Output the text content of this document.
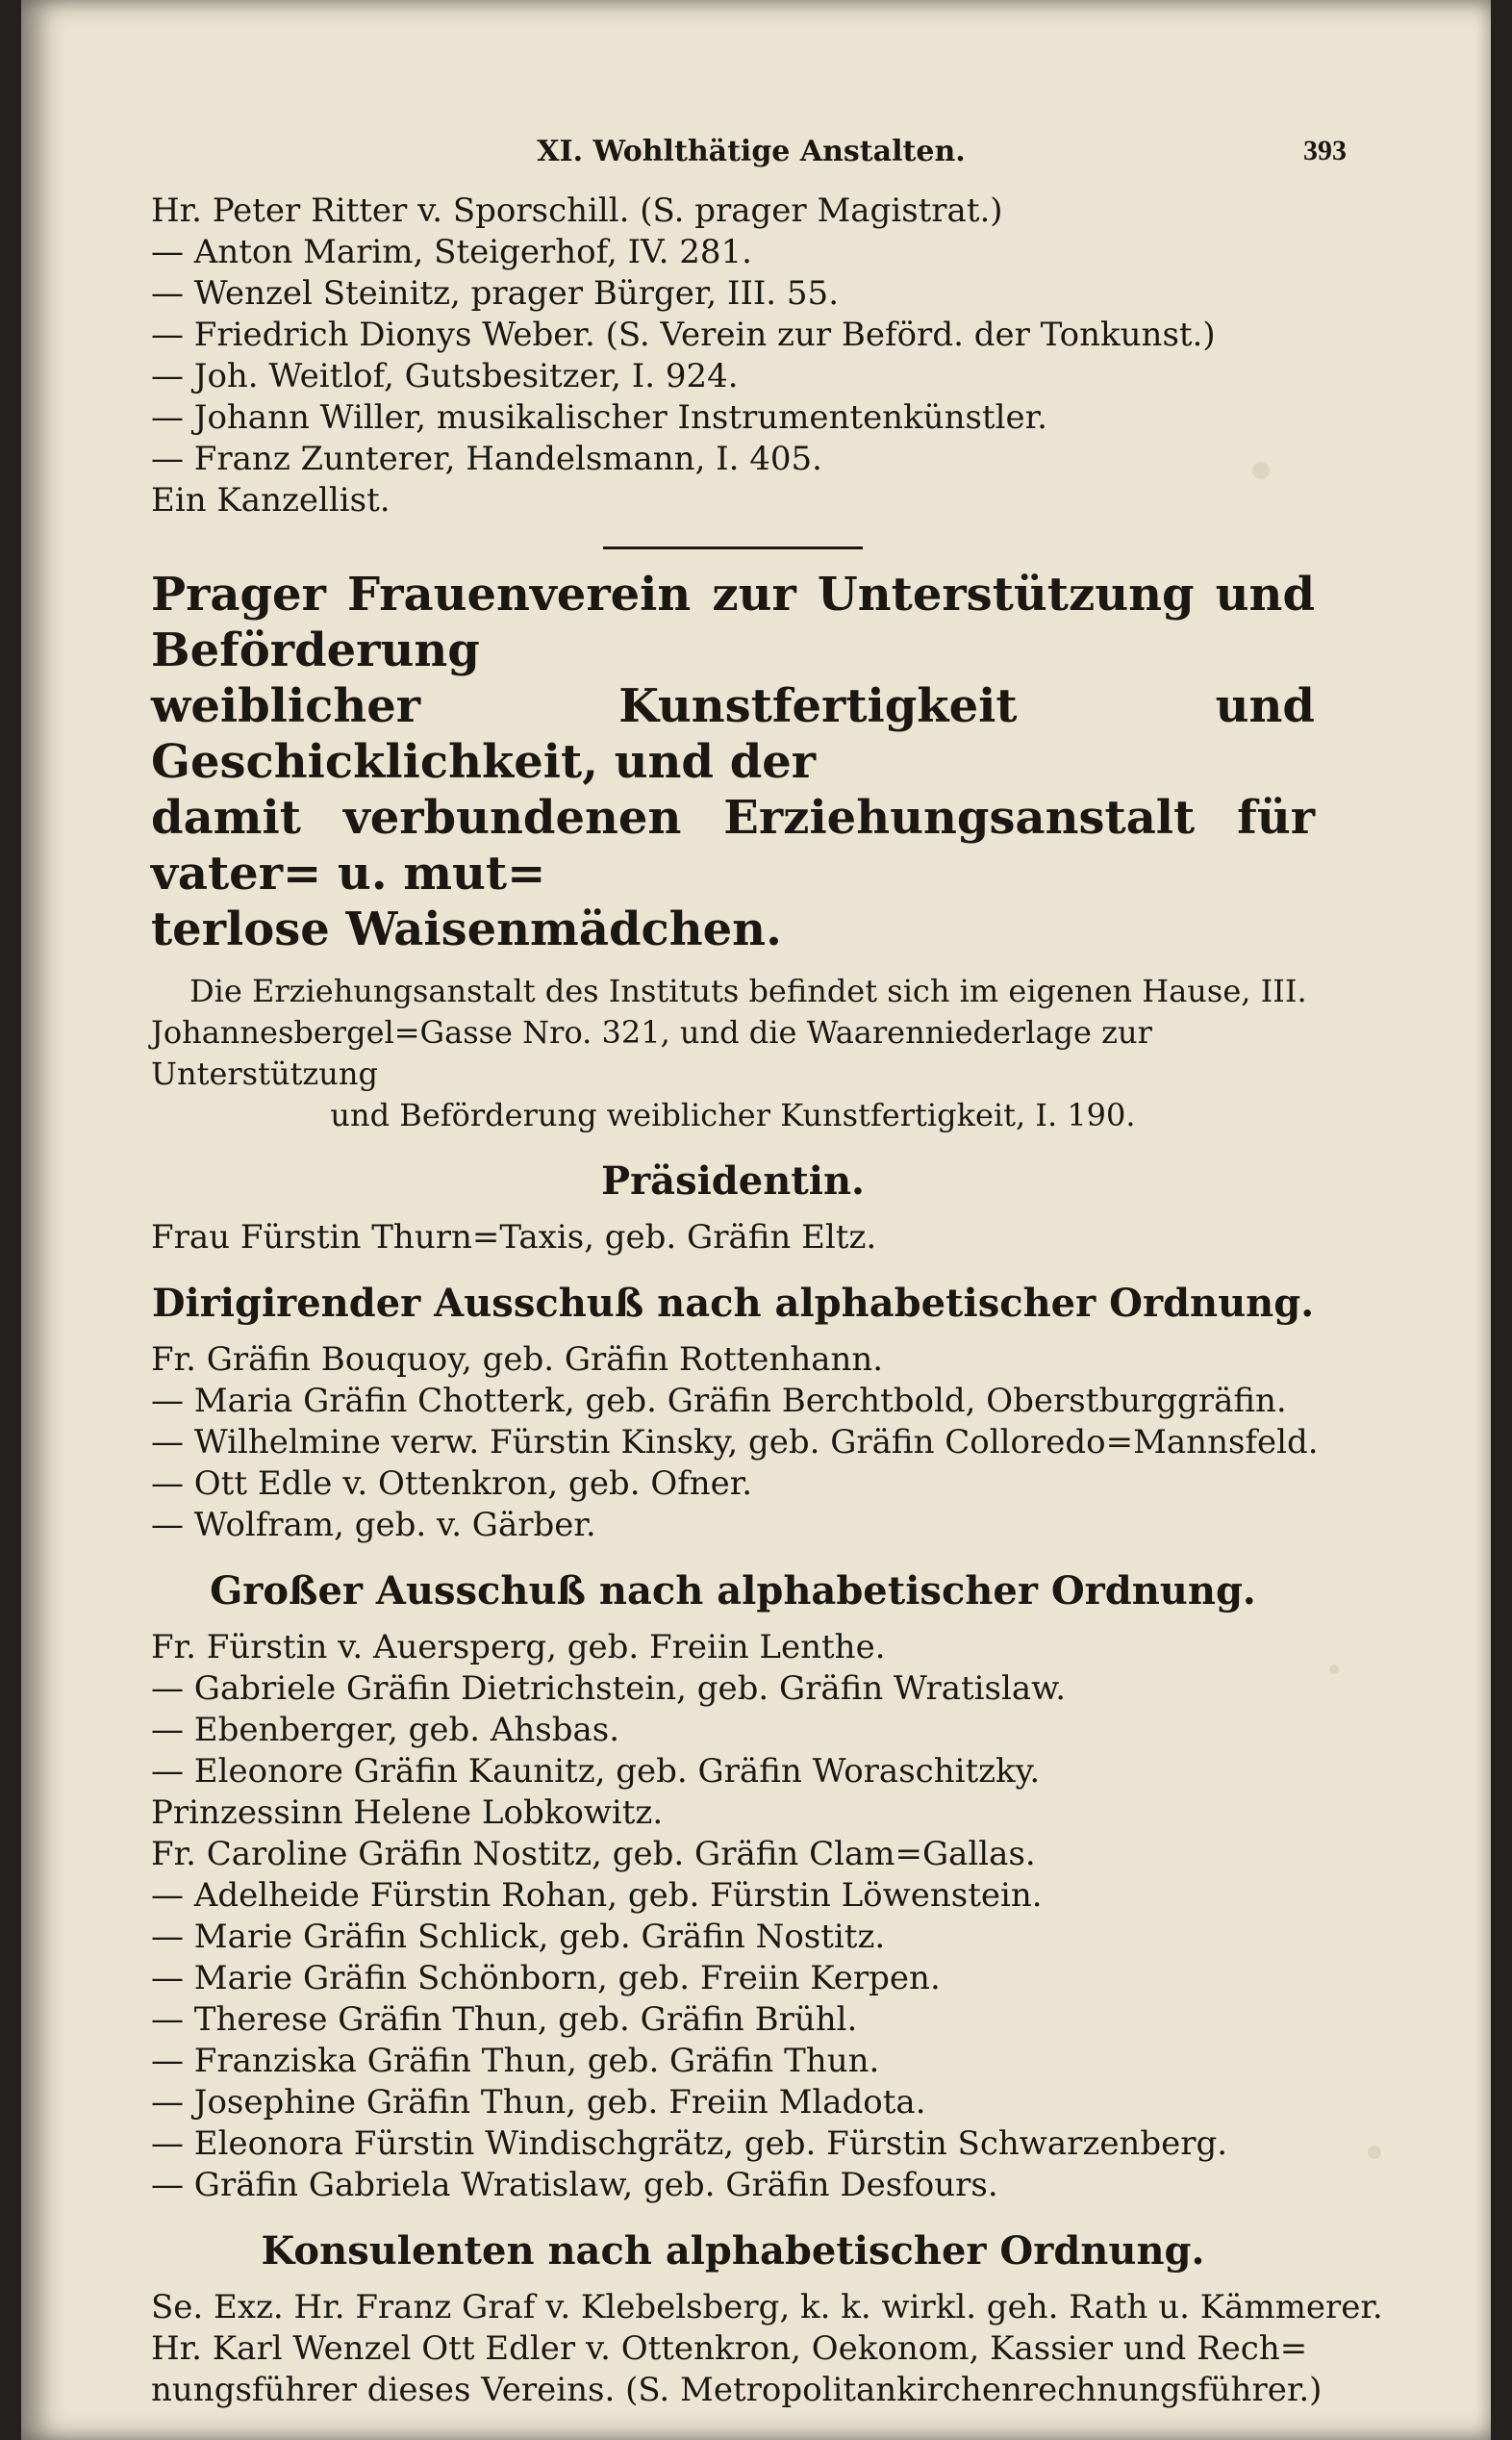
XI. Wohlthätige Anstalten.	393
Hr. Peter Ritter v. Sporschill. (S. prager Magistrat.)
— Anton Marim, Steigerhof, IV. 281.
— Wenzel Steinitz, prager Bürger, III. 55.
— Friedrich Dionys Weber. (S. Verein zur Beförd. der Tonkunst.)
— Joh. Weitlof, Gutsbesitzer, I. 924.
— Johann Willer, musikalischer Instrumentenkünstler.
— Franz Zunterer, Handelsmann, I. 405.
Ein Kanzellist.
Prager Frauenverein zur Unterstützung und Beförderung
weiblicher Kunstfertigkeit und Geschicklichkeit, und der
damit verbundenen Erziehungsanstalt für vater= u. mut=
terlose Waisenmädchen.
Die Erziehungsanstalt des Instituts befindet sich im eigenen Hause, III.
Johannesbergel=Gasse Nro. 321, und die Waarenniederlage zur Unterstützung
und Beförderung weiblicher Kunstfertigkeit, I. 190.
Präsidentin.
Frau Fürstin Thurn=Taxis, geb. Gräfin Eltz.
Dirigirender Ausschuß nach alphabetischer Ordnung.
Fr. Gräfin Bouquoy, geb. Gräfin Rottenhann.
— Maria Gräfin Chotterk, geb. Gräfin Berchtbold, Oberstburggräfin.
— Wilhelmine verw. Fürstin Kinsky, geb. Gräfin Colloredo=Mannsfeld.
— Ott Edle v. Ottenkron, geb. Ofner.
— Wolfram, geb. v. Gärber.
Großer Ausschuß nach alphabetischer Ordnung.
Fr. Fürstin v. Auersperg, geb. Freiin Lenthe.
— Gabriele Gräfin Dietrichstein, geb. Gräfin Wratislaw.
— Ebenberger, geb. Ahsbas.
— Eleonore Gräfin Kaunitz, geb. Gräfin Woraschitzky.
Prinzessinn Helene Lobkowitz.
Fr. Caroline Gräfin Nostitz, geb. Gräfin Clam=Gallas.
— Adelheide Fürstin Rohan, geb. Fürstin Löwenstein.
— Marie Gräfin Schlick, geb. Gräfin Nostitz.
— Marie Gräfin Schönborn, geb. Freiin Kerpen.
— Therese Gräfin Thun, geb. Gräfin Brühl.
— Franziska Gräfin Thun, geb. Gräfin Thun.
— Josephine Gräfin Thun, geb. Freiin Mladota.
— Eleonora Fürstin Windischgrätz, geb. Fürstin Schwarzenberg.
— Gräfin Gabriela Wratislaw, geb. Gräfin Desfours.
Konsulenten nach alphabetischer Ordnung.
Se. Exz. Hr. Franz Graf v. Klebelsberg, k. k. wirkl. geh. Rath u. Kämmerer.
Hr. Karl Wenzel Ott Edler v. Ottenkron, Oekonom, Kassier und Rech=
nungsführer dieses Vereins. (S. Metropolitankirchenrechnungsführer.)
